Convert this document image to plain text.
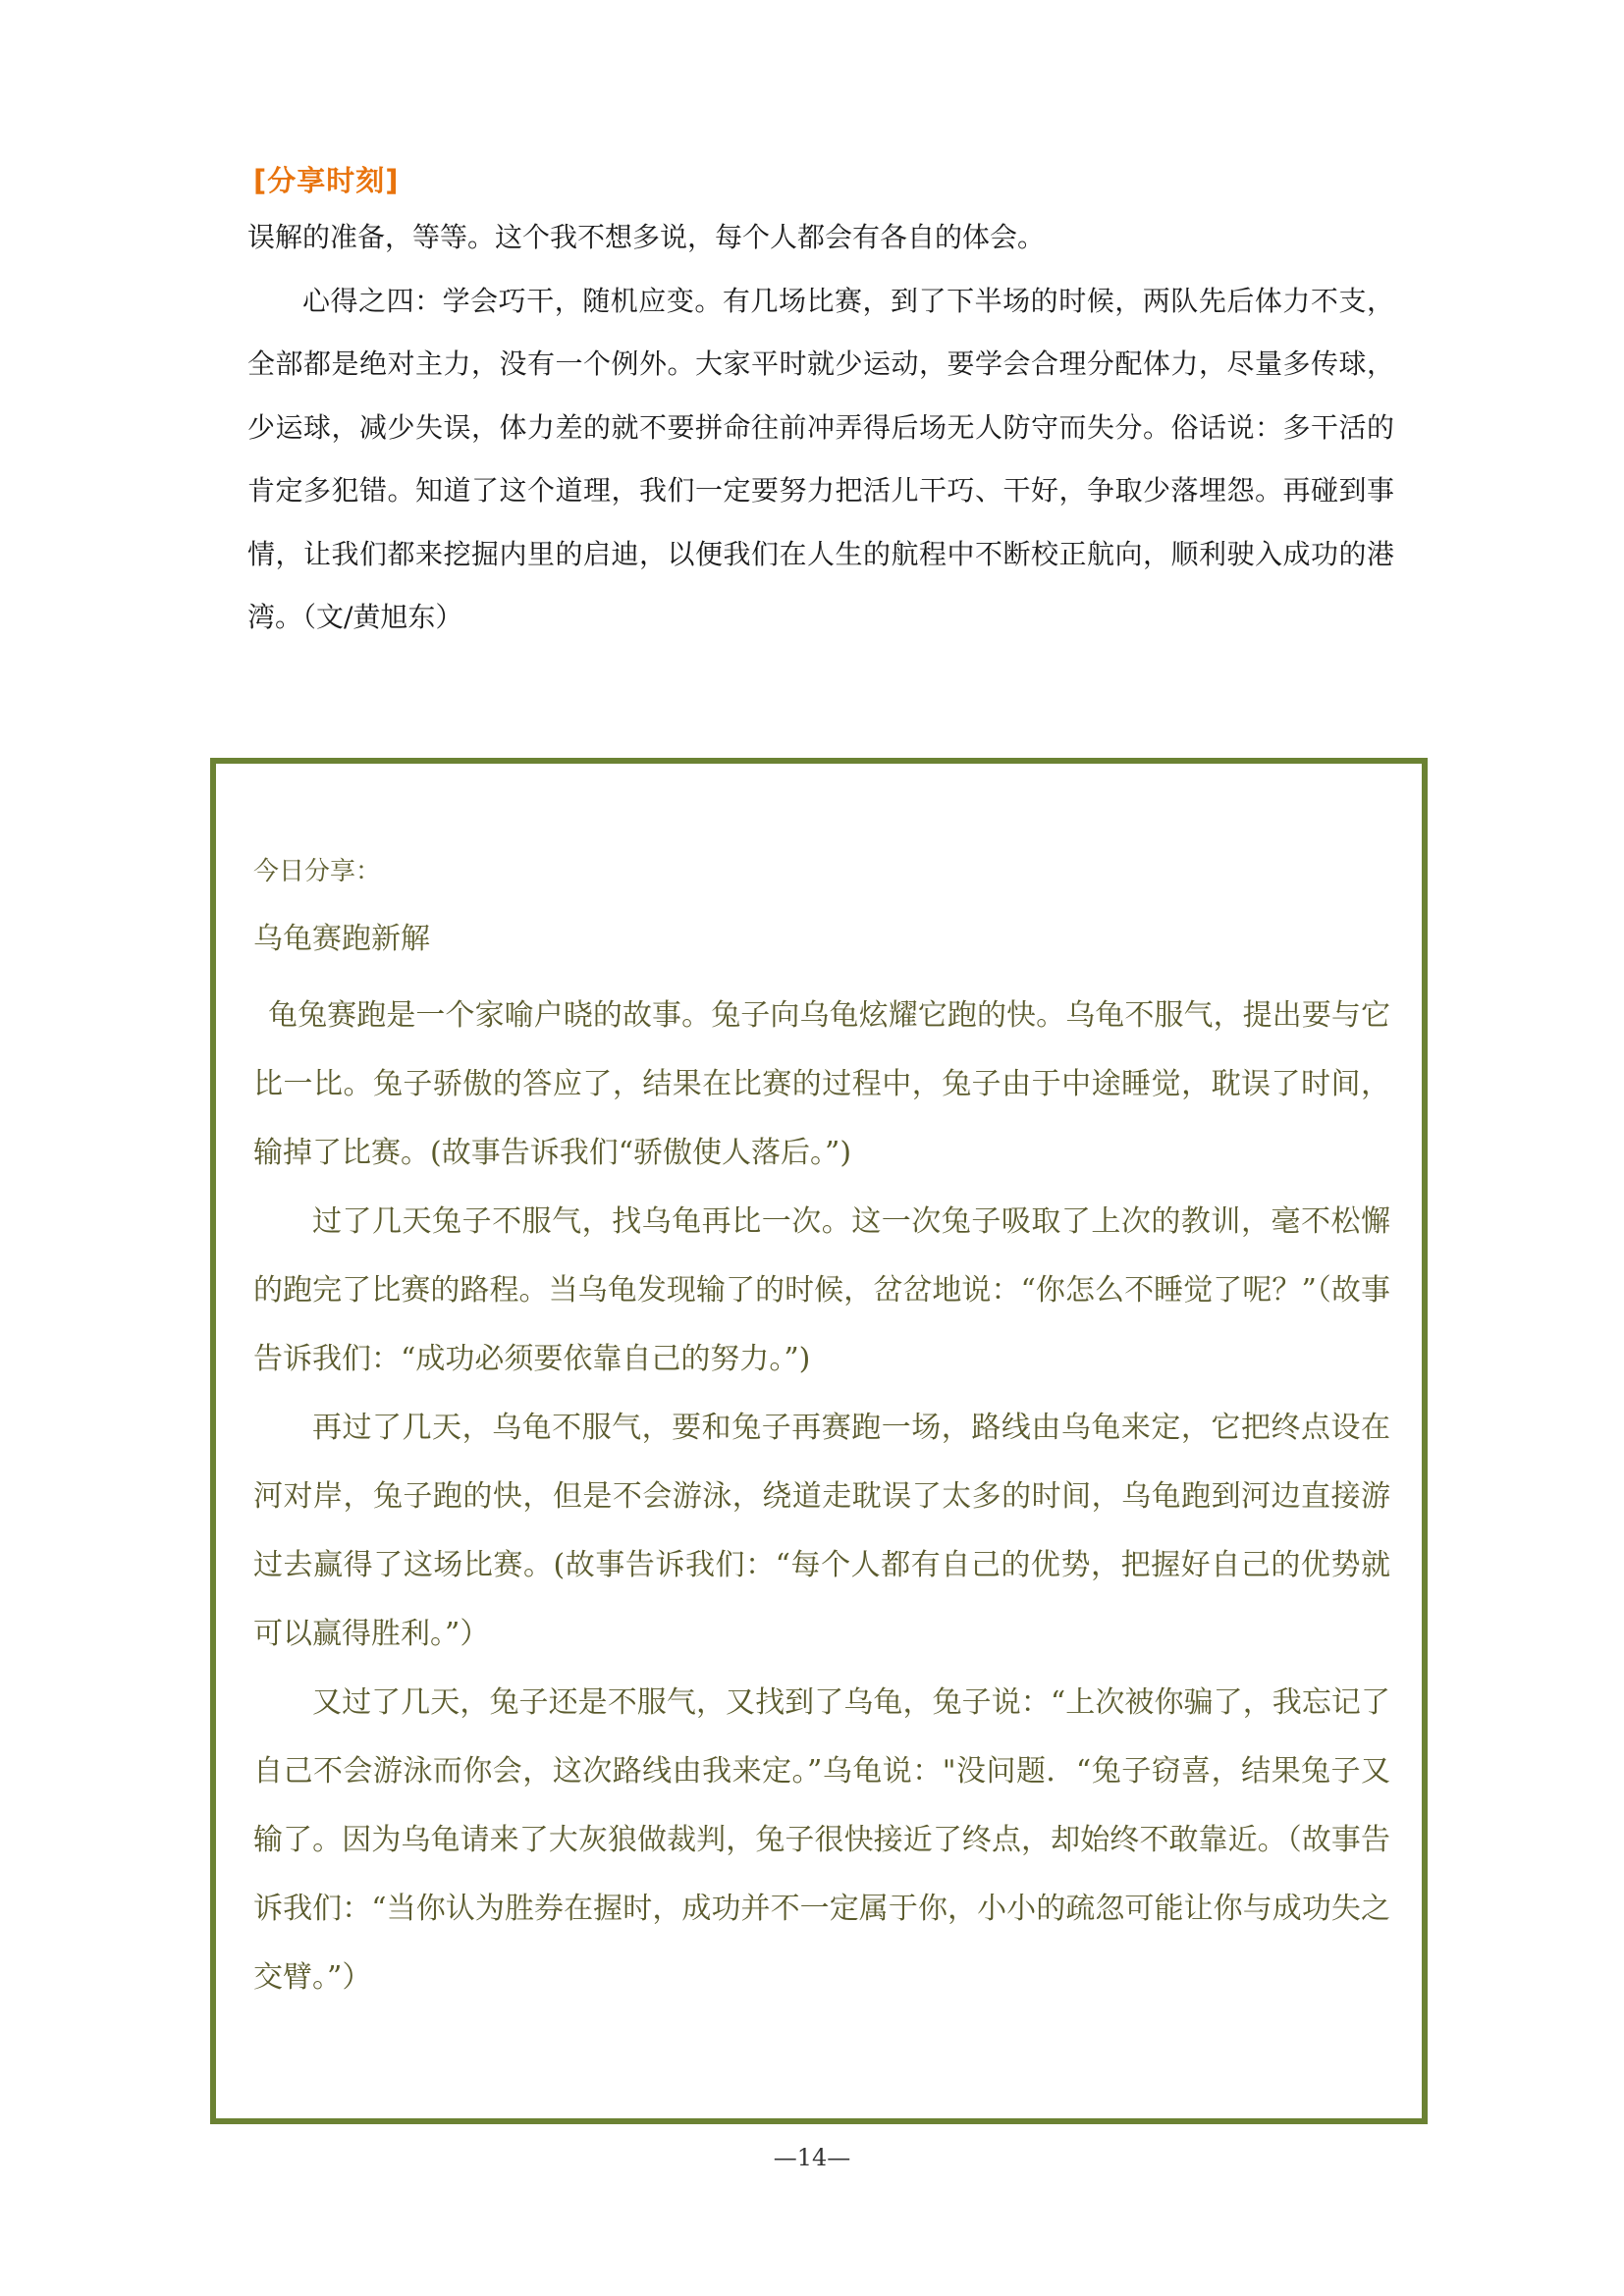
[分享时刻]

误解的准备，等等。这个我不想多说，每个人都会有各自的体会。

心得之四：学会巧干，随机应变。有几场比赛，到了下半场的时候，两队先后体力不支，全部都是绝对主力，没有一个例外。大家平时就少运动，要学会合理分配体力，尽量多传球，少运球，减少失误，体力差的就不要拼命往前冲弄得后场无人防守而失分。俗话说：多干活的肯定多犯错。知道了这个道理，我们一定要努力把活儿干巧、干好，争取少落埋怨。再碰到事情，让我们都来挖掘内里的启迪，以便我们在人生的航程中不断校正航向，顺利驶入成功的港湾。（文/黄旭东）

今日分享：
乌龟赛跑新解

龟兔赛跑是一个家喻户晓的故事。兔子向乌龟炫耀它跑的快。乌龟不服气，提出要与它比一比。兔子骄傲的答应了，结果在比赛的过程中，兔子由于中途睡觉，耽误了时间，输掉了比赛。(故事告诉我们“骄傲使人落后。”)

过了几天兔子不服气，找乌龟再比一次。这一次兔子吸取了上次的教训，毫不松懈的跑完了比赛的路程。当乌龟发现输了的时候，岔岔地说：“你怎么不睡觉了呢？”（故事告诉我们：“成功必须要依靠自己的努力。”)

再过了几天，乌龟不服气，要和兔子再赛跑一场，路线由乌龟来定，它把终点设在河对岸，兔子跑的快，但是不会游泳，绕道走耽误了太多的时间，乌龟跑到河边直接游过去赢得了这场比赛。(故事告诉我们：“每个人都有自己的优势，把握好自己的优势就可以赢得胜利。”）

又过了几天，兔子还是不服气，又找到了乌龟，兔子说：“上次被你骗了，我忘记了自己不会游泳而你会，这次路线由我来定。”乌龟说："没问题．“兔子窃喜，结果兔子又输了。因为乌龟请来了大灰狼做裁判，兔子很快接近了终点，却始终不敢靠近。（故事告诉我们：“当你认为胜券在握时，成功并不一定属于你，小小的疏忽可能让你与成功失之交臂。”）

—14—
